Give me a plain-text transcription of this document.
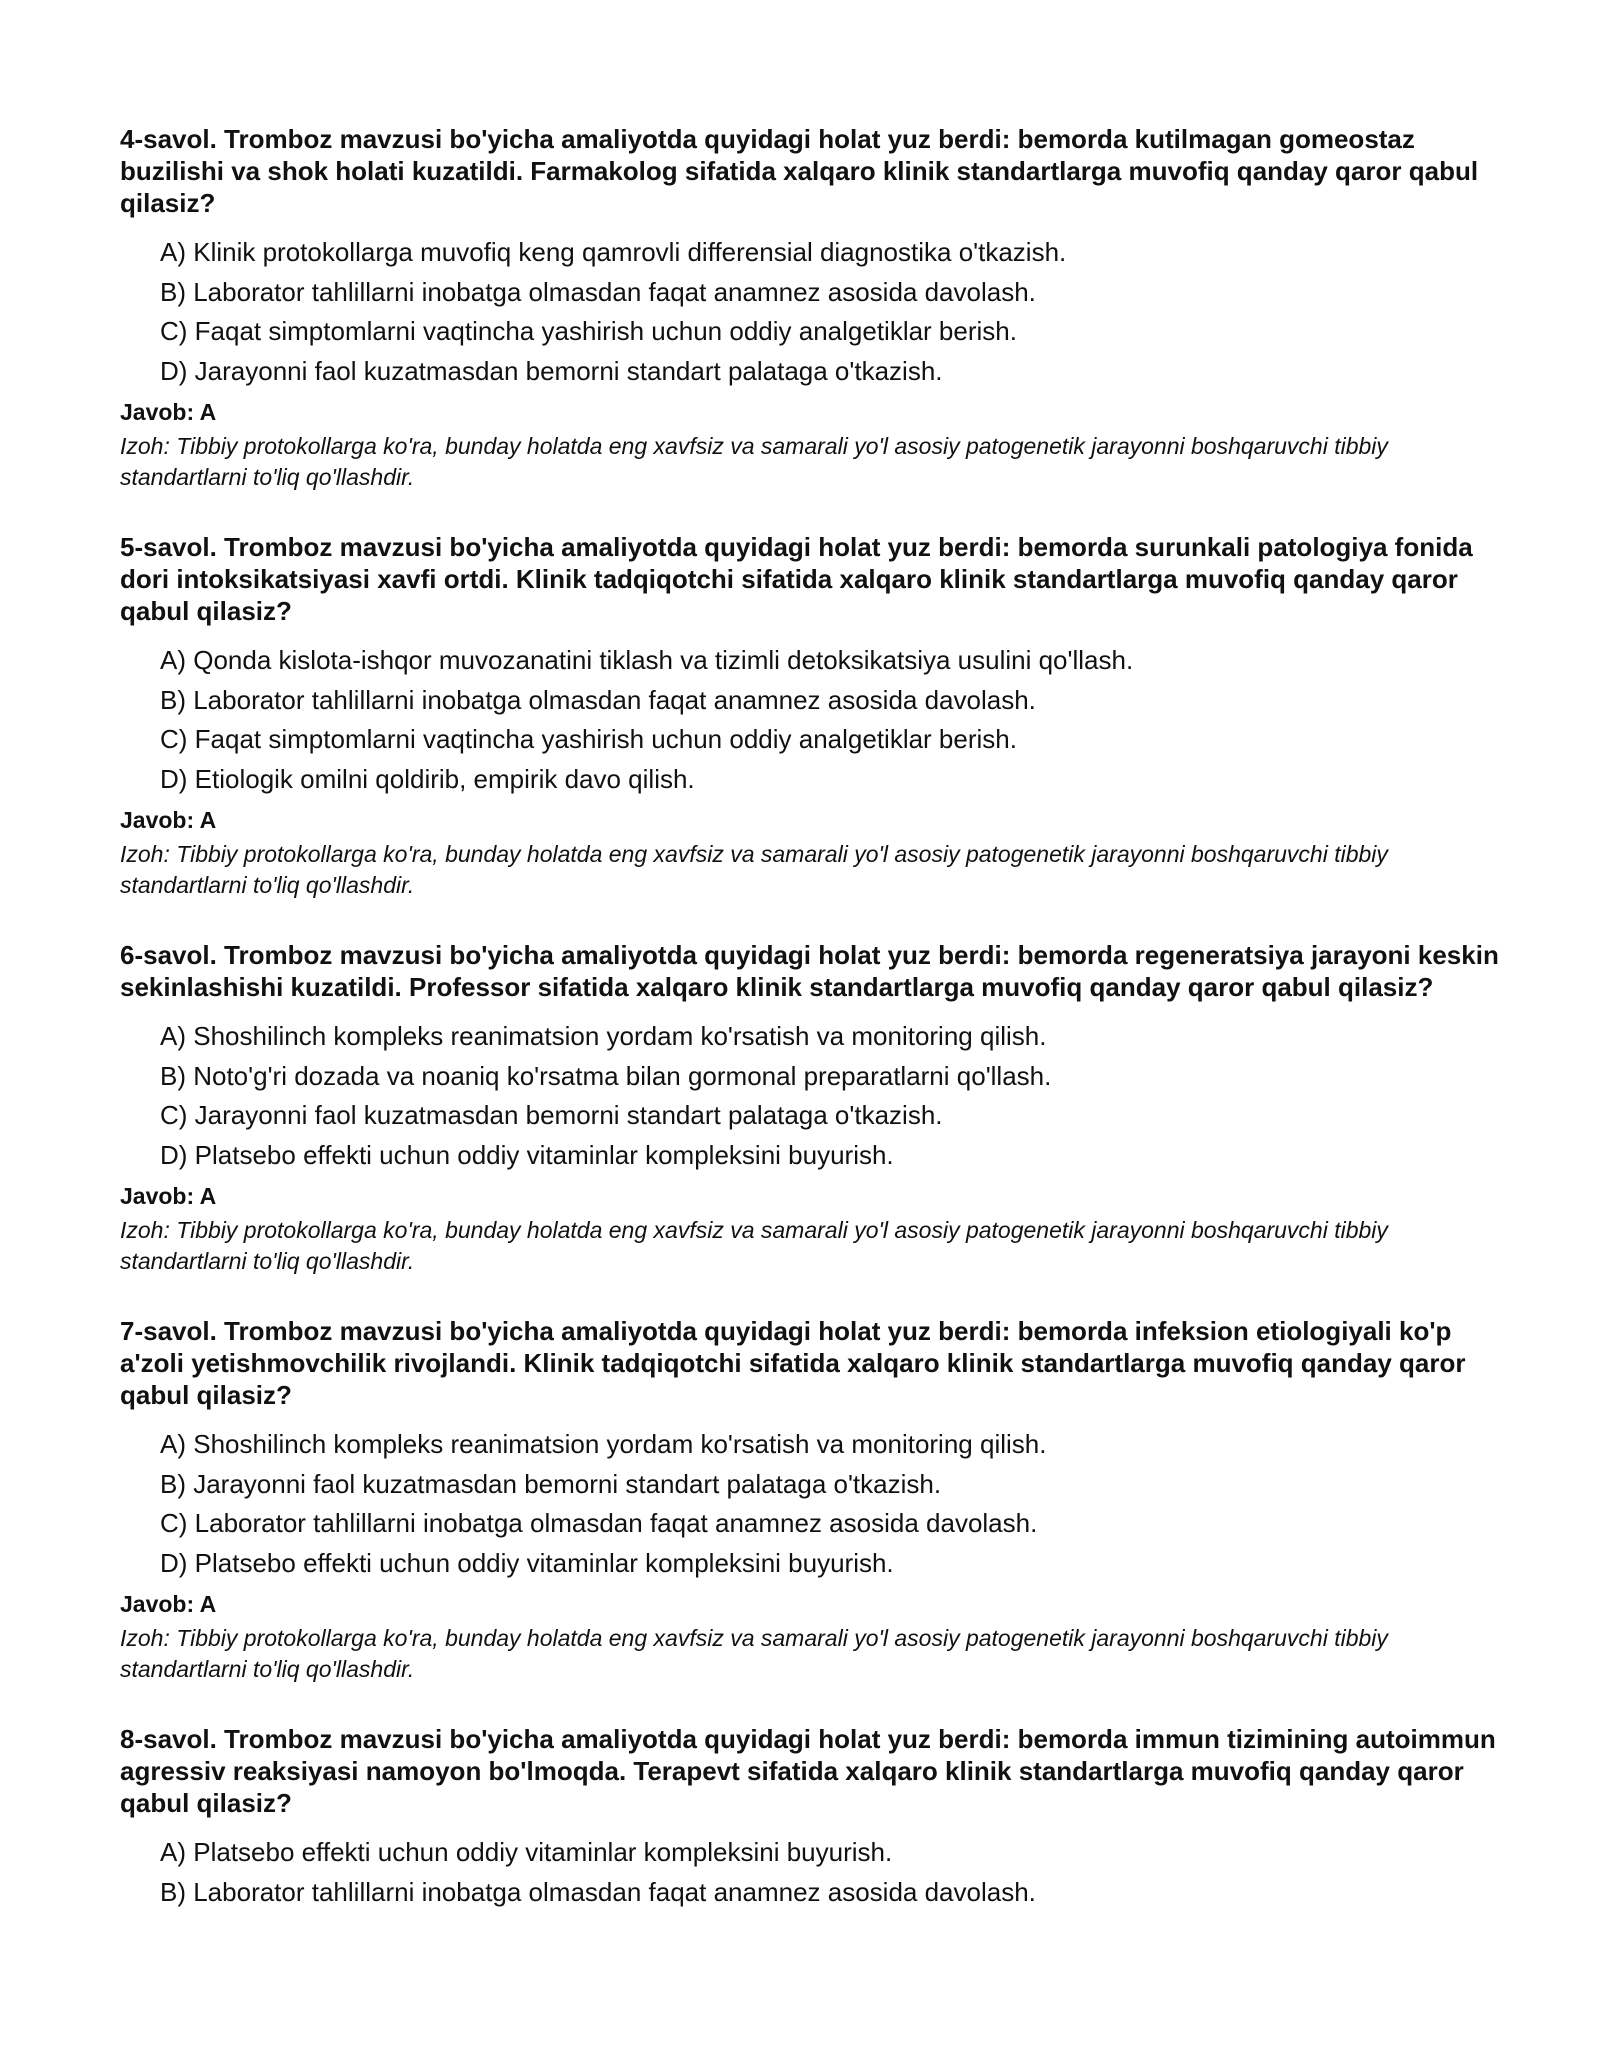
4-savol. Tromboz mavzusi bo'yicha amaliyotda quyidagi holat yuz berdi: bemorda kutilmagan gomeostaz buzilishi va shok holati kuzatildi. Farmakolog sifatida xalqaro klinik standartlarga muvofiq qanday qaror qabul qilasiz?
A) Klinik protokollarga muvofiq keng qamrovli differensial diagnostika o'tkazish.
B) Laborator tahlillarni inobatga olmasdan faqat anamnez asosida davolash.
C) Faqat simptomlarni vaqtincha yashirish uchun oddiy analgetiklar berish.
D) Jarayonni faol kuzatmasdan bemorni standart palataga o'tkazish.
Javob: A
Izoh: Tibbiy protokollarga ko'ra, bunday holatda eng xavfsiz va samarali yo'l asosiy patogenetik jarayonni boshqaruvchi tibbiy standartlarni to'liq qo'llashdir.
5-savol. Tromboz mavzusi bo'yicha amaliyotda quyidagi holat yuz berdi: bemorda surunkali patologiya fonida dori intoksikatsiyasi xavfi ortdi. Klinik tadqiqotchi sifatida xalqaro klinik standartlarga muvofiq qanday qaror qabul qilasiz?
A) Qonda kislota-ishqor muvozanatini tiklash va tizimli detoksikatsiya usulini qo'llash.
B) Laborator tahlillarni inobatga olmasdan faqat anamnez asosida davolash.
C) Faqat simptomlarni vaqtincha yashirish uchun oddiy analgetiklar berish.
D) Etiologik omilni qoldirib, empirik davo qilish.
Javob: A
Izoh: Tibbiy protokollarga ko'ra, bunday holatda eng xavfsiz va samarali yo'l asosiy patogenetik jarayonni boshqaruvchi tibbiy standartlarni to'liq qo'llashdir.
6-savol. Tromboz mavzusi bo'yicha amaliyotda quyidagi holat yuz berdi: bemorda regeneratsiya jarayoni keskin sekinlashishi kuzatildi. Professor sifatida xalqaro klinik standartlarga muvofiq qanday qaror qabul qilasiz?
A) Shoshilinch kompleks reanimatsion yordam ko'rsatish va monitoring qilish.
B) Noto'g'ri dozada va noaniq ko'rsatma bilan gormonal preparatlarni qo'llash.
C) Jarayonni faol kuzatmasdan bemorni standart palataga o'tkazish.
D) Platsebo effekti uchun oddiy vitaminlar kompleksini buyurish.
Javob: A
Izoh: Tibbiy protokollarga ko'ra, bunday holatda eng xavfsiz va samarali yo'l asosiy patogenetik jarayonni boshqaruvchi tibbiy standartlarni to'liq qo'llashdir.
7-savol. Tromboz mavzusi bo'yicha amaliyotda quyidagi holat yuz berdi: bemorda infeksion etiologiyali ko'p a'zoli yetishmovchilik rivojlandi. Klinik tadqiqotchi sifatida xalqaro klinik standartlarga muvofiq qanday qaror qabul qilasiz?
A) Shoshilinch kompleks reanimatsion yordam ko'rsatish va monitoring qilish.
B) Jarayonni faol kuzatmasdan bemorni standart palataga o'tkazish.
C) Laborator tahlillarni inobatga olmasdan faqat anamnez asosida davolash.
D) Platsebo effekti uchun oddiy vitaminlar kompleksini buyurish.
Javob: A
Izoh: Tibbiy protokollarga ko'ra, bunday holatda eng xavfsiz va samarali yo'l asosiy patogenetik jarayonni boshqaruvchi tibbiy standartlarni to'liq qo'llashdir.
8-savol. Tromboz mavzusi bo'yicha amaliyotda quyidagi holat yuz berdi: bemorda immun tizimining autoimmun agressiv reaksiyasi namoyon bo'lmoqda. Terapevt sifatida xalqaro klinik standartlarga muvofiq qanday qaror qabul qilasiz?
A) Platsebo effekti uchun oddiy vitaminlar kompleksini buyurish.
B) Laborator tahlillarni inobatga olmasdan faqat anamnez asosida davolash.
